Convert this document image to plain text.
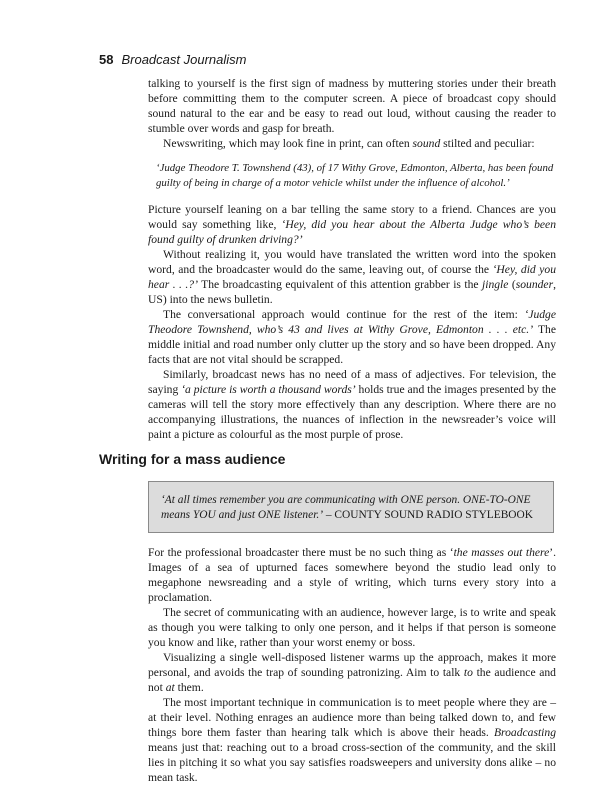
58 Broadcast Journalism

talking to yourself is the first sign of madness by muttering stories under their breath before committing them to the computer screen. A piece of broadcast copy should sound natural to the ear and be easy to read out loud, without causing the reader to stumble over words and gasp for breath.

Newswriting, which may look fine in print, can often sound stilted and peculiar:

‘Judge Theodore T. Townshend (43), of 17 Withy Grove, Edmonton, Alberta, has been found guilty of being in charge of a motor vehicle whilst under the influence of alcohol.’

Picture yourself leaning on a bar telling the same story to a friend. Chances are you would say something like, ‘Hey, did you hear about the Alberta Judge who’s been found guilty of drunken driving?’

Without realizing it, you would have translated the written word into the spoken word, and the broadcaster would do the same, leaving out, of course the ‘Hey, did you hear . . .?’ The broadcasting equivalent of this attention grabber is the jingle (sounder, US) into the news bulletin.

The conversational approach would continue for the rest of the item: ‘Judge Theodore Townshend, who’s 43 and lives at Withy Grove, Edmonton . . . etc.’ The middle initial and road number only clutter up the story and so have been dropped. Any facts that are not vital should be scrapped.

Similarly, broadcast news has no need of a mass of adjectives. For television, the saying ‘a picture is worth a thousand words’ holds true and the images presented by the cameras will tell the story more effectively than any description. Where there are no accompanying illustrations, the nuances of inflection in the newsreader’s voice will paint a picture as colourful as the most purple of prose.

Writing for a mass audience
‘At all times remember you are communicating with ONE person. ONE-TO-ONE means YOU and just ONE listener.’ – COUNTY SOUND RADIO STYLEBOOK

For the professional broadcaster there must be no such thing as ‘the masses out there’. Images of a sea of upturned faces somewhere beyond the studio lead only to megaphone newsreading and a style of writing, which turns every story into a proclamation.

The secret of communicating with an audience, however large, is to write and speak as though you were talking to only one person, and it helps if that person is someone you know and like, rather than your worst enemy or boss.

Visualizing a single well-disposed listener warms up the approach, makes it more personal, and avoids the trap of sounding patronizing. Aim to talk to the audience and not at them.

The most important technique in communication is to meet people where they are – at their level. Nothing enrages an audience more than being talked down to, and few things bore them faster than hearing talk which is above their heads. Broadcasting means just that: reaching out to a broad cross-section of the community, and the skill lies in pitching it so what you say satisfies roadsweepers and university dons alike – no mean task.
